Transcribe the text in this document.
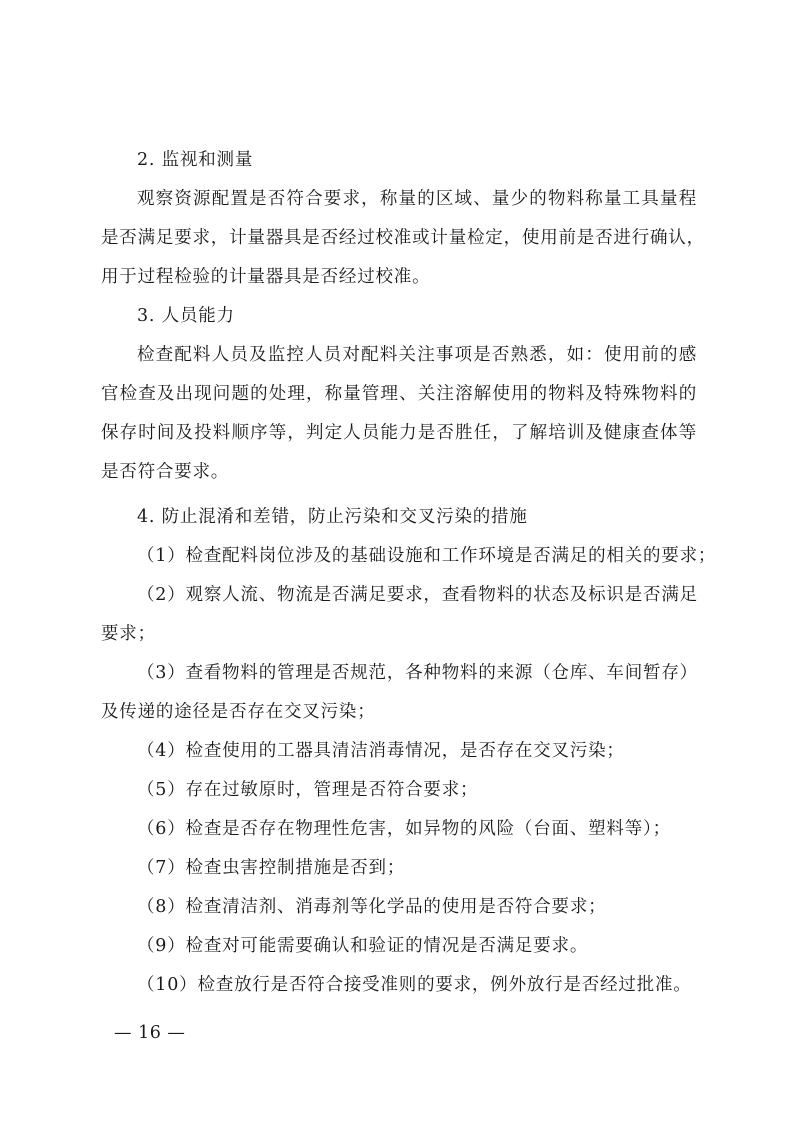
2. 监视和测量
观察资源配置是否符合要求，称量的区域、量少的物料称量工具量程
是否满足要求，计量器具是否经过校准或计量检定，使用前是否进行确认，
用于过程检验的计量器具是否经过校准。
3. 人员能力
检查配料人员及监控人员对配料关注事项是否熟悉，如：使用前的感
官检查及出现问题的处理，称量管理、关注溶解使用的物料及特殊物料的
保存时间及投料顺序等，判定人员能力是否胜任，了解培训及健康查体等
是否符合要求。
4. 防止混淆和差错，防止污染和交叉污染的措施
（1）检查配料岗位涉及的基础设施和工作环境是否满足的相关的要求；
（2）观察人流、物流是否满足要求，查看物料的状态及标识是否满足
要求；
（3）查看物料的管理是否规范，各种物料的来源（仓库、车间暂存）
及传递的途径是否存在交叉污染；
（4）检查使用的工器具清洁消毒情况，是否存在交叉污染；
（5）存在过敏原时，管理是否符合要求；
（6）检查是否存在物理性危害，如异物的风险（台面、塑料等）；
（7）检查虫害控制措施是否到；
（8）检查清洁剂、消毒剂等化学品的使用是否符合要求；
（9）检查对可能需要确认和验证的情况是否满足要求。
（10）检查放行是否符合接受准则的要求，例外放行是否经过批准。
— 16 —
